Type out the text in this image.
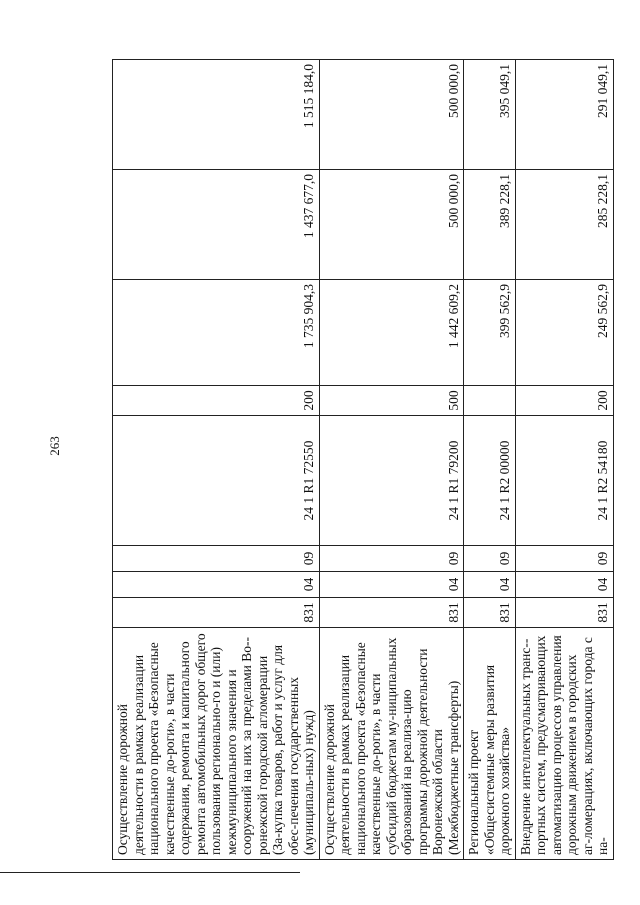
263
Осуществление дорожной деятельности в рамках реализации национального проекта «Безопасные качественные до-роги», в части содержания, ремонта и капитального ремонта автомобильных дорог общего пользования регионально-го и (или) межмуниципального значения и сооружений на них за пределами Во-ронежской городской агломерации (За-купка товаров, работ и услуг для обес-печения государственных (муниципаль-ных) нужд)	831	04	09	24 1 R1 72550	200	1 735 904,3	1 437 677,0	1 515 184,0
Осуществление дорожной деятельности в рамках реализации национального проекта «Безопасные качественные до-роги», в части субсидий бюджетам му-ниципальных образований на реализа-цию программы дорожной деятельности Воронежской области (Межбюджетные трансферты)	831	04	09	24 1 R1 79200	500	1 442 609,2	500 000,0	500 000,0
Региональный проект «Общесистемные меры развития дорожного хозяйства»	831	04	09	24 1 R2 00000		399 562,9	389 228,1	395 049,1
Внедрение интеллектуальных транс-портных систем, предусматривающих автоматизацию процессов управления дорожным движением в городских аг-ломерациях, включающих города с на-	831	04	09	24 1 R2 54180	200	249 562,9	285 228,1	291 049,1
